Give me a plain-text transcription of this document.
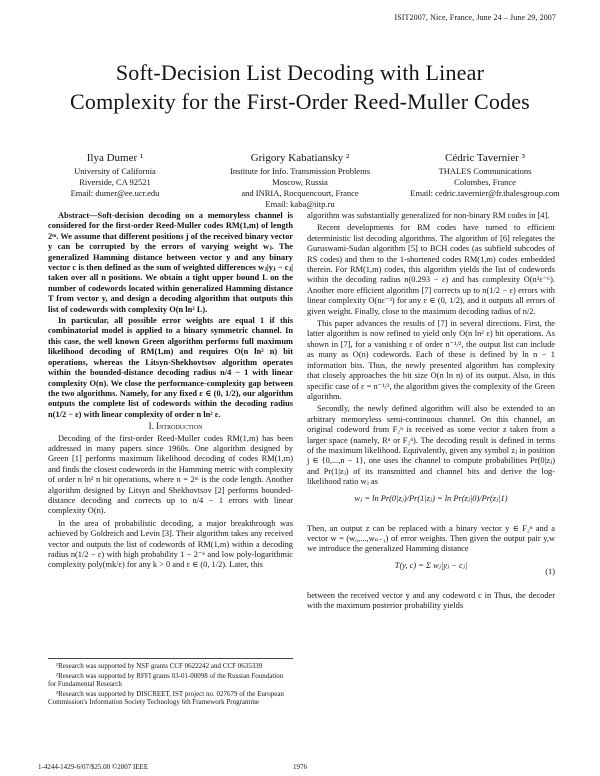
ISIT2007, Nice, France, June 24 – June 29, 2007
Soft-Decision List Decoding with Linear
Complexity for the First-Order Reed-Muller Codes
Ilya Dumer ¹
University of California
Riverside, CA 92521
Email: dumer@ee.ucr.edu
Grigory Kabatiansky ²
Institute for Info. Transmission Problems
Moscow, Russia
and INRIA, Rocquencourt, France
Email: kaba@iitp.ru
Cédric Tavernier ³
THALES Communications
Colombes, France
Email: cedric.tavernier@fr.thalesgroup.com

Abstract—Soft-decision decoding on a memoryless channel is considered for the first-order Reed-Muller codes RM(1,m) of length 2ᵐ. We assume that different positions j of the received binary vector y can be corrupted by the errors of varying weight wⱼ. The generalized Hamming distance between vector y and any binary vector c is then defined as the sum of weighted differences wⱼ|yⱼ − cⱼ| taken over all n positions. We obtain a tight upper bound L on the number of codewords located within generalized Hamming distance T from vector y, and design a decoding algorithm that outputs this list of codewords with complexity O(n ln² L).

In particular, all possible error weights are equal 1 if this combinatorial model is applied to a binary symmetric channel. In this case, the well known Green algorithm performs full maximum likelihood decoding of RM(1,m) and requires O(n ln² n) bit operations, whereas the Litsyn-Shekhovtsov algorithm operates within the bounded-distance decoding radius n/4 − 1 with linear complexity O(n). We close the performance-complexity gap between the two algorithms. Namely, for any fixed ε ∈ (0, 1/2), our algorithm outputs the complete list of codewords within the decoding radius n(1/2 − ε) with linear complexity of order n ln² ε.

I. Introduction

Decoding of the first-order Reed-Muller codes RM(1,m) has been addressed in many papers since 1960s. One algorithm designed by Green [1] performs maximum likelihood decoding of codes RM(1,m) and finds the closest codewords in the Hamming metric with complexity of order n ln² n bit operations, where n = 2ᵐ is the code length. Another algorithm designed by Litsyn and Shekhovtsov [2] performs bounded-distance decoding and corrects up to n/4 − 1 errors with linear complexity O(n).

In the area of probabilistic decoding, a major breakthrough was achieved by Goldreich and Levin [3]. Their algorithm takes any received vector and outputs the list of codewords of RM(1,m) within a decoding radius n(1/2 − ε) with high probability 1 − 2⁻ᵏ and low poly-logarithmic complexity poly(mk/ε) for any k > 0 and ε ∈ (0, 1/2). Later, this

¹Research was supported by NSF grants CCF 0622242 and CCF 0635339

²Research was supported by RFFI grants 03-01-00098 of the Russian Foundation for Fundamental Research

³Research was supported by DISCREET, IST project no. 027679 of the European Commission's Information Society Technology 6th Framework Programme

algorithm was substantially generalized for non-binary RM codes in [4].

Recent developments for RM codes have turned to efficient deterministic list decoding algorithms. The algorithm of [6] relegates the Guruswami-Sudan algorithm [5] to BCH codes (as subfield subcodes of RS codes) and then to the 1-shortened codes RM(1,m) codes embedded therein. For RM(1,m) codes, this algorithm yields the list of codewords within the decoding radius n(0.293 − ε) and has complexity O(n³ε⁻⁶). Another more efficient algorithm [7] corrects up to n(1/2 − ε) errors with linear complexity O(nε⁻³) for any ε ∈ (0, 1/2), and it outputs all errors of given weight. Finally, close to the maximum decoding radius of n/2.

This paper advances the results of [7] in several directions. First, the latter algorithm is now refined to yield only O(n ln² ε) bit operations. As shown in [7], for a vanishing ε of order n⁻¹/², the output list can include as many as O(n) codewords. Each of these is defined by ln n − 1 information bits. Thus, the newly presented algorithm has complexity that closely approaches the bit size O(n ln n) of its output. Also, in this specific case of ε = n⁻¹/², the algorithm gives the complexity of the Green algorithm.

Secondly, the newly defined algorithm will also be extended to an arbitrary memoryless semi-continuous channel. On this channel, an original codeword from F₂ⁿ is received as some vector z taken from a larger space (namely, Rⁿ or F₂ⁿ). The decoding result is defined in terms of the maximum likelihood. Equivalently, given any symbol zⱼ in position j ∈ {0,...,n − 1}, one uses the channel to compute probabilities Pr(0|zⱼ) and Pr(1|zⱼ) of its transmitted and channel bits and derive the log-likelihood ratio wⱼ as

wⱼ = ln Pr(0|zⱼ)/Pr(1|zⱼ) = ln Pr(zⱼ|0)/Pr(zⱼ|1)

Then, an output z can be replaced with a binary vector y ∈ F₂ⁿ and a vector w = (w₀,...,wₙ₋₁) of error weights. Then given the output pair y,w we introduce the generalized Hamming distance

T(y, c) = Σ wⱼ|yⱼ − cⱼ|
(1)

between the received vector y and any codeword c in Thus, the decoder with the maximum posterior probability yields

1-4244-1429-6/07/$25.00 ©2007 IEEE	1976
